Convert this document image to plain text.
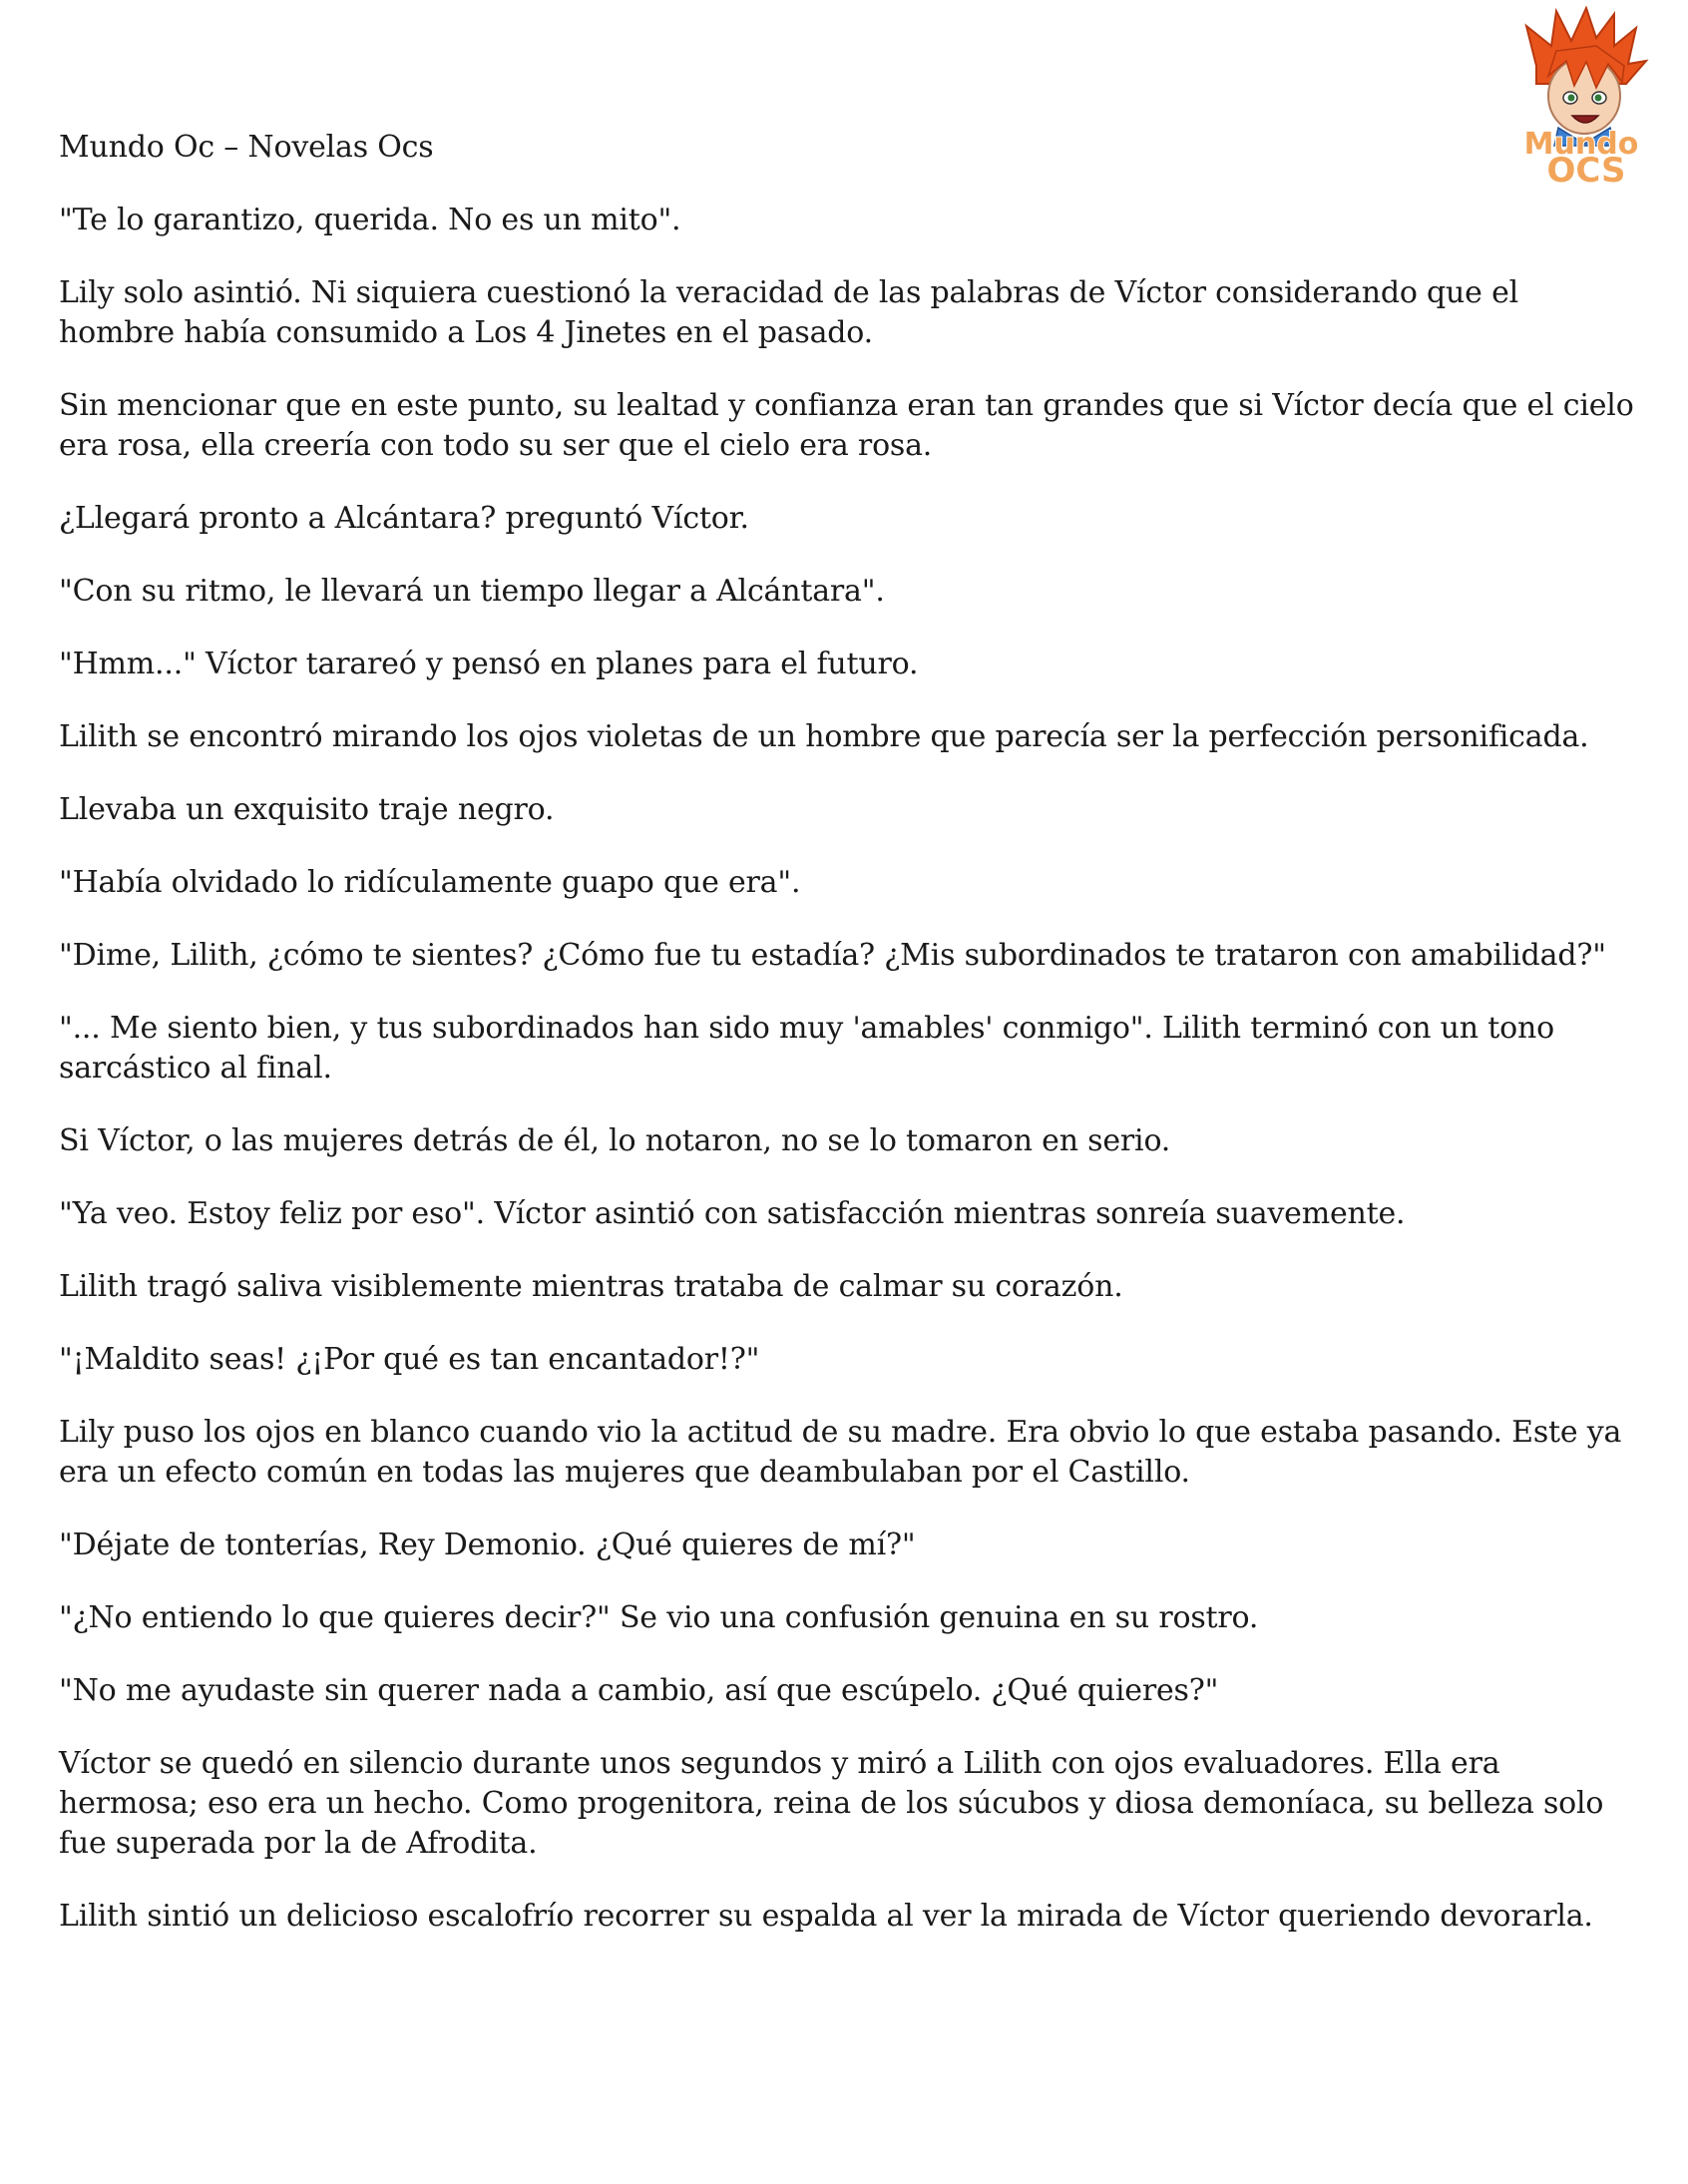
Mundo
OCS
Mundo Oc – Novelas Ocs

"Te lo garantizo, querida. No es un mito".

Lily solo asintió. Ni siquiera cuestionó la veracidad de las palabras de Víctor considerando que el hombre había consumido a Los 4 Jinetes en el pasado.

Sin mencionar que en este punto, su lealtad y confianza eran tan grandes que si Víctor decía que el cielo era rosa, ella creería con todo su ser que el cielo era rosa.

¿Llegará pronto a Alcántara? preguntó Víctor.

"Con su ritmo, le llevará un tiempo llegar a Alcántara".

"Hmm..." Víctor tarareó y pensó en planes para el futuro.

Lilith se encontró mirando los ojos violetas de un hombre que parecía ser la perfección personificada.

Llevaba un exquisito traje negro.

"Había olvidado lo ridículamente guapo que era".

"Dime, Lilith, ¿cómo te sientes? ¿Cómo fue tu estadía? ¿Mis subordinados te trataron con amabilidad?"

"... Me siento bien, y tus subordinados han sido muy 'amables' conmigo". Lilith terminó con un tono sarcástico al final.

Si Víctor, o las mujeres detrás de él, lo notaron, no se lo tomaron en serio.

"Ya veo. Estoy feliz por eso". Víctor asintió con satisfacción mientras sonreía suavemente.

Lilith tragó saliva visiblemente mientras trataba de calmar su corazón.

"¡Maldito seas! ¿¡Por qué es tan encantador!?"

Lily puso los ojos en blanco cuando vio la actitud de su madre. Era obvio lo que estaba pasando. Este ya era un efecto común en todas las mujeres que deambulaban por el Castillo.

"Déjate de tonterías, Rey Demonio. ¿Qué quieres de mí?"

"¿No entiendo lo que quieres decir?" Se vio una confusión genuina en su rostro.

"No me ayudaste sin querer nada a cambio, así que escúpelo. ¿Qué quieres?"

Víctor se quedó en silencio durante unos segundos y miró a Lilith con ojos evaluadores. Ella era hermosa; eso era un hecho. Como progenitora, reina de los súcubos y diosa demoníaca, su belleza solo fue superada por la de Afrodita.

Lilith sintió un delicioso escalofrío recorrer su espalda al ver la mirada de Víctor queriendo devorarla.
